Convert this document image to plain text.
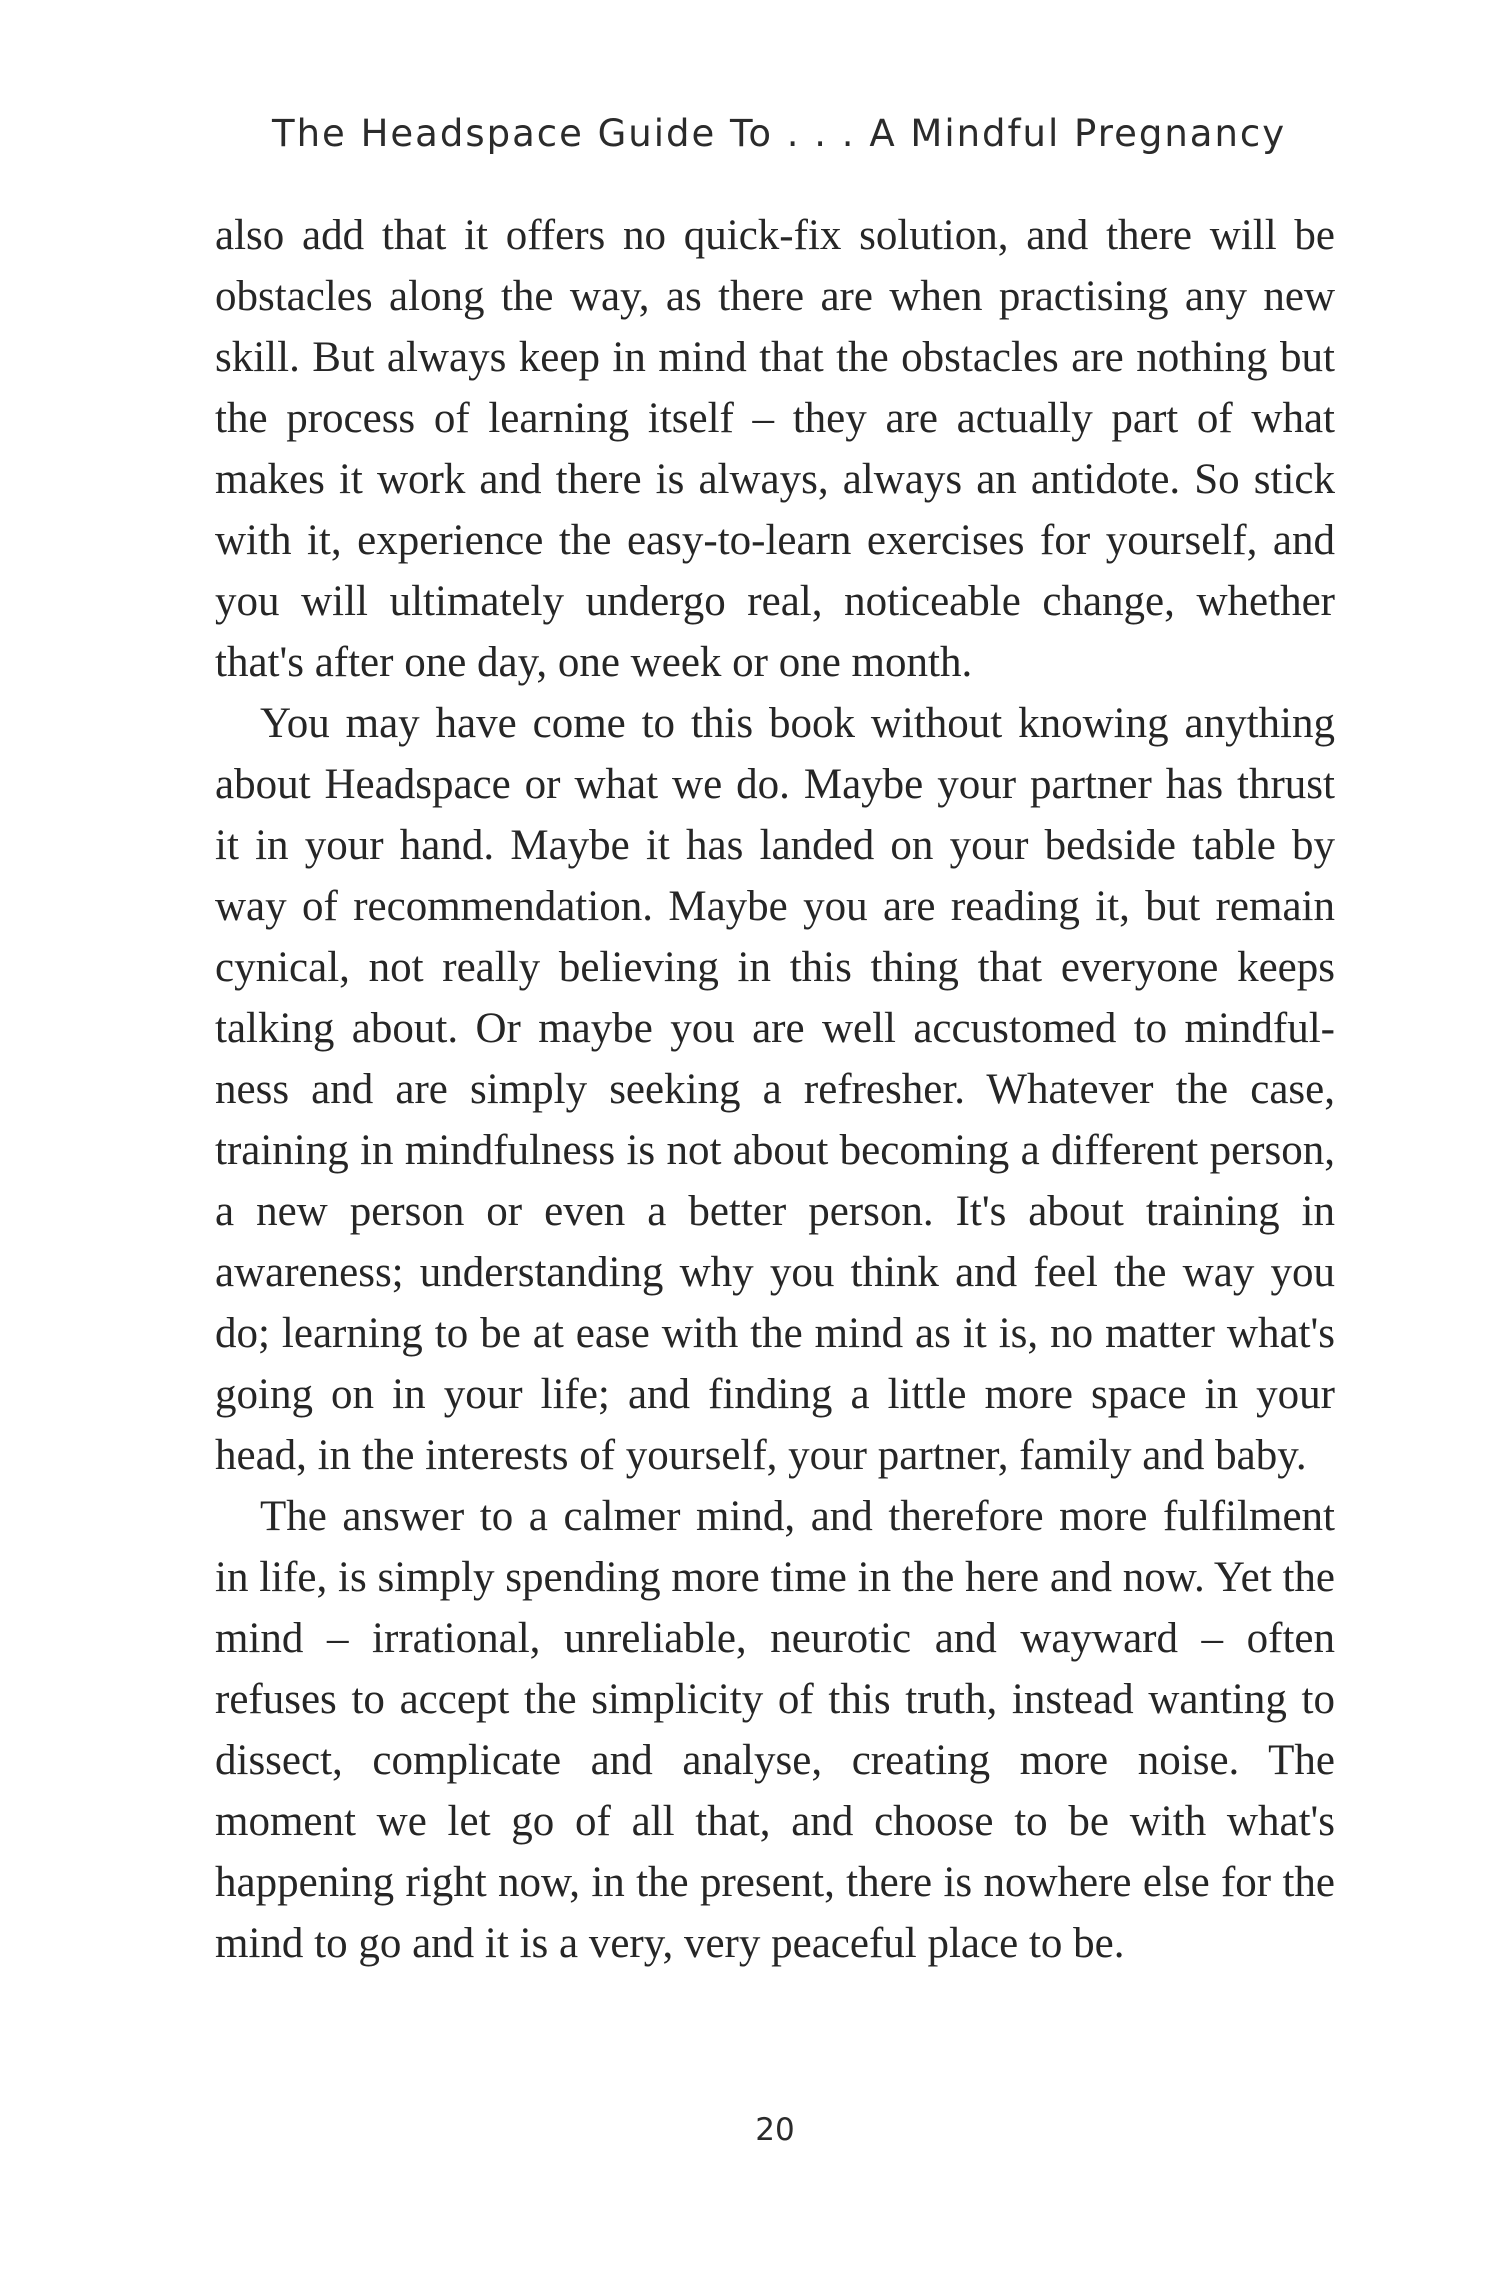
The Headspace Guide To . . . A Mindful Pregnancy

also add that it offers no quick-fix solution, and there will be obstacles along the way, as there are when practising any new skill. But always keep in mind that the obstacles are nothing but the process of learning itself – they are actually part of what makes it work and there is always, always an antidote. So stick with it, experience the easy-to-learn exercises for yourself, and you will ultimately undergo real, noticeable change, whether that's after one day, one week or one month.

You may have come to this book without knowing anything about Headspace or what we do. Maybe your partner has thrust it in your hand. Maybe it has landed on your bedside table by way of recommendation. Maybe you are reading it, but remain cynical, not really believing in this thing that everyone keeps talking about. Or maybe you are well accustomed to mindfulness and are simply seeking a refresher. Whatever the case, training in mindfulness is not about becoming a different person, a new person or even a better person. It's about training in awareness; understanding why you think and feel the way you do; learning to be at ease with the mind as it is, no matter what's going on in your life; and finding a little more space in your head, in the interests of yourself, your partner, family and baby.

The answer to a calmer mind, and therefore more fulfilment in life, is simply spending more time in the here and now. Yet the mind – irrational, unreliable, neurotic and wayward – often refuses to accept the simplicity of this truth, instead wanting to dissect, complicate and analyse, creating more noise. The moment we let go of all that, and choose to be with what's happening right now, in the present, there is nowhere else for the mind to go and it is a very, very peaceful place to be.

20
